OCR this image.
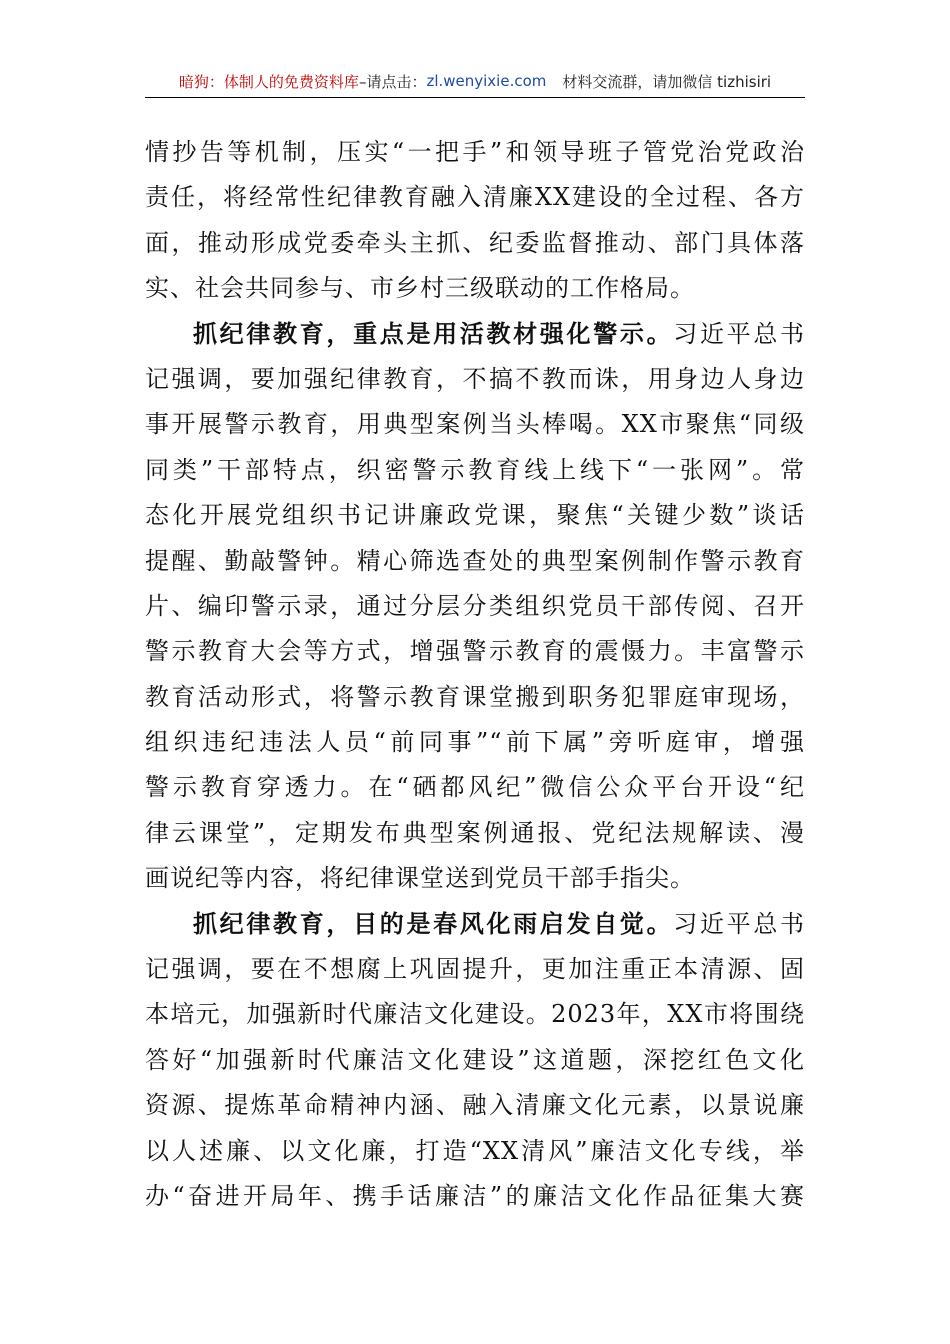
暗狗：体制人的免费资料库 –请点击： zl.wenyixie.com 材料交流群，请加微信 tizhisiri
情抄告等机制，压实“一把手”和领导班子管党治党政治
责任，将经常性纪律教育融入清廉XX建设的全过程、各方
面，推动形成党委牵头主抓、纪委监督推动、部门具体落
实、社会共同参与、市乡村三级联动的工作格局。
抓纪律教育，重点是用活教材强化警示。习近平总书
记强调，要加强纪律教育，不搞不教而诛，用身边人身边
事开展警示教育，用典型案例当头棒喝。XX市聚焦“同级
同类”干部特点，织密警示教育线上线下“一张网”。常
态化开展党组织书记讲廉政党课，聚焦“关键少数”谈话
提醒、勤敲警钟。精心筛选查处的典型案例制作警示教育
片、编印警示录，通过分层分类组织党员干部传阅、召开
警示教育大会等方式，增强警示教育的震慑力。丰富警示
教育活动形式，将警示教育课堂搬到职务犯罪庭审现场，
组织违纪违法人员“前同事”“前下属”旁听庭审，增强
警示教育穿透力。在“硒都风纪”微信公众平台开设“纪
律云课堂”，定期发布典型案例通报、党纪法规解读、漫
画说纪等内容，将纪律课堂送到党员干部手指尖。
抓纪律教育，目的是春风化雨启发自觉。习近平总书
记强调，要在不想腐上巩固提升，更加注重正本清源、固
本培元，加强新时代廉洁文化建设。2023年，XX市将围绕
答好“加强新时代廉洁文化建设”这道题，深挖红色文化
资源、提炼革命精神内涵、融入清廉文化元素，以景说廉
以人述廉、以文化廉，打造“XX清风”廉洁文化专线，举
办“奋进开局年、携手话廉洁”的廉洁文化作品征集大赛
